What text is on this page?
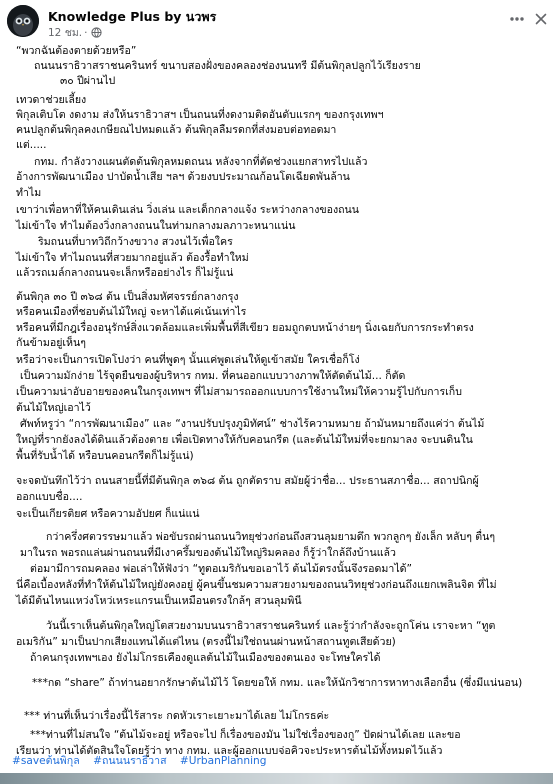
Knowledge Plus by นวพร
12 ชม. ·
“พวกฉันต้องตายด้วยหรือ”
ถนนนราธิวาสราชนครินทร์ ขนาบสองฝั่งของคลองช่องนนทรี มีต้นพิกุลปลูกไว้เรียงราย
๓๐ ปีผ่านไป
เทวดาช่วยเลี้ยง
พิกุลเติบโต งดงาม ส่งให้นราธิวาสฯ เป็นถนนที่งดงามติดอันดับแรกๆ ของกรุงเทพฯ
คนปลูกต้นพิกุลคงเกษียณไปหมดแล้ว ต้นพิกุลลืมรดกที่ส่งมอบต่อทอดมา
แต่.....
กทม. กำลังวางแผนตัดต้นพิกุลหมดถนน หลังจากที่ตัดช่วงแยกสาทรไปแล้ว
อ้างการพัฒนาเมือง ปาบัดน้ำเสีย ฯลฯ ด้วยงบประมาณก้อนโตเฉียดพันล้าน
ทำไม
เขาว่าเพื่อหาที่ให้คนเดินเล่น วิ่งเล่น และเด็กกลางแจ้ง ระหว่างกลางของถนน
ไม่เข้าใจ ทำไมต้องวิ่งกลางถนนในท่ามกลางมลภาวะหนาแน่น
ริมถนนที่บาทวิถีกว้างขวาง สวงนไว้เพื่อใคร
ไม่เข้าใจ ทำไมถนนที่สวยมากอยู่แล้ว ต้องรื้อทำใหม่
แล้วรถเมล์กลางถนนจะเล็กหรืออย่างไร ก็ไม่รู้แน่
ต้นพิกุล ๓๐ ปี ๓๖๘ ต้น เป็นสิ่งมหัศจรรย์กลางกรุง
หรือคนเมืองที่ชอบต้นไม้ใหญ่ จะหาได้แค่เน้นเท่าไร
หรือคนที่มีกฎเรื่องอนุรักษ์สิ่งแวดล้อมและเพิ่มพื้นที่สีเขียว ยอมถูกตบหน้าง่ายๆ นิ่งเฉยกับการกระทำตรง
กันข้ามอยู่เห็นๆ
หรือว่าจะเป็นการเปิดโปงว่า คนที่พูดๆ นั้นแค่พูดเล่นให้ดูเข้าสมัย ใครเชื่อก็โง่
เป็นความมักง่าย ไร้จุดยืนของผู้บริหาร กทม. ที่คนออกแบบวางภาพให้ตัดต้นไม้... ก็ตัด
เป็นความน่าอับอายของคนในกรุงเทพฯ ที่ไม่สามารถออกแบบการใช้งานใหม่ให้ความรู้ไปกับการเก็บ
ต้นไม้ใหญ่เอาไว้
ศัพท์หรูว่า “การพัฒนาเมือง” และ “งานปรับปรุงภูมิทัศน์” ช่างไร้ความหมาย ถ้ามันหมายถึงแค่ว่า ต้นไม้
ใหญ่ที่รากยังลงได้ดินแล้วต้องตาย เพื่อเปิดทางให้กับคอนกรีต (และต้นไม้ใหม่ที่จะยกมาลง จะบนดินใน
พื้นที่รับน้ำได้ หรือบนคอนกรีตก็ไม่รู้แน่)
จะจดบันทึกไว้ว่า ถนนสายนี้ที่มีต้นพิกุล ๓๖๘ ต้น ถูกตัดราบ สมัยผู้ว่าชื่อ... ประธานสภาชื่อ... สถาปนิกผู้
ออกแบบชื่อ....
จะเป็นเกียรติยศ หรือความอัปยศ ก็แน่แน่
กว่าครึ่งศตวรรษมาแล้ว พ่อขับรถผ่านถนนวิทยุช่วงก่อนถึงสวนลุมยามดึก พวกลูกๆ ยังเล็ก หลับๆ ตื่นๆ
มาในรถ พอรถแล่นผ่านถนนที่มีเงาครึ้มของต้นไม้ใหญ่ริมคลอง ก็รู้ว่าใกล้ถึงบ้านแล้ว
ต่อมามีการถมคลอง พ่อเล่าให้ฟังว่า “ทูตอเมริกันขอเอาไว้ ต้นไม้ตรงนั้นจึงรอดมาได้”
นี่คือเบื้องหลังที่ทำให้ต้นไม้ใหญ่ยังคงอยู่ ผู้คนขึ้นชมความสวยงามของถนนวิทยุช่วงก่อนถึงแยกเพลินจิต ที่ไม่
ได้มีต้นไหนแหว่งโหว่เหระแกรนเป็นเหมือนตรงใกล้ๆ สวนลุมพินี
วันนี้เราเห็นต้นพิกุลใหญ่โตสวยงามบนนราธิวาสราชนครินทร์ และรู้ว่ากำลังจะถูกโค่น เราจะหา “ทูต
อเมริกัน” มาเป็นปากเสียงแทนได้แต่ไหน (ตรงนี้ไม่ใช่ถนนผ่านหน้าสถานทูตเสียด้วย)
ถ้าคนกรุงเทพฯเอง ยังไม่โกรธเคืองดูแลต้นไม้ในเมืองของตนเอง จะโทษใครได้
***กด “share” ถ้าท่านอยากรักษาต้นไม้ไว้ โดยขอให้ กทม. และให้นักวิชาการหาทางเลือกอื่น (ซึ่งมีแน่นอน)
*** ท่านที่เห็นว่าเรื่องนี้ไร้สาระ กดหัวเราะเยาะมาได้เลย ไม่โกรธค่ะ
***ท่านที่ไม่สนใจ “ต้นไม้จะอยู่ หรือจะไป ก็เรื่องของมัน ไม่ใช่เรื่องของกู” ปัดผ่านได้เลย และขอ
เรียนว่า ท่านได้ตัดสินใจโดยรู้ว่า ทาง กทม. และผู้ออกแบบจ่อคิวจะประหารต้นไม้ทั้งหมดไว้แล้ว
#saveต้นพิกุล #ถนนนราธิวาส #UrbanPlanning
